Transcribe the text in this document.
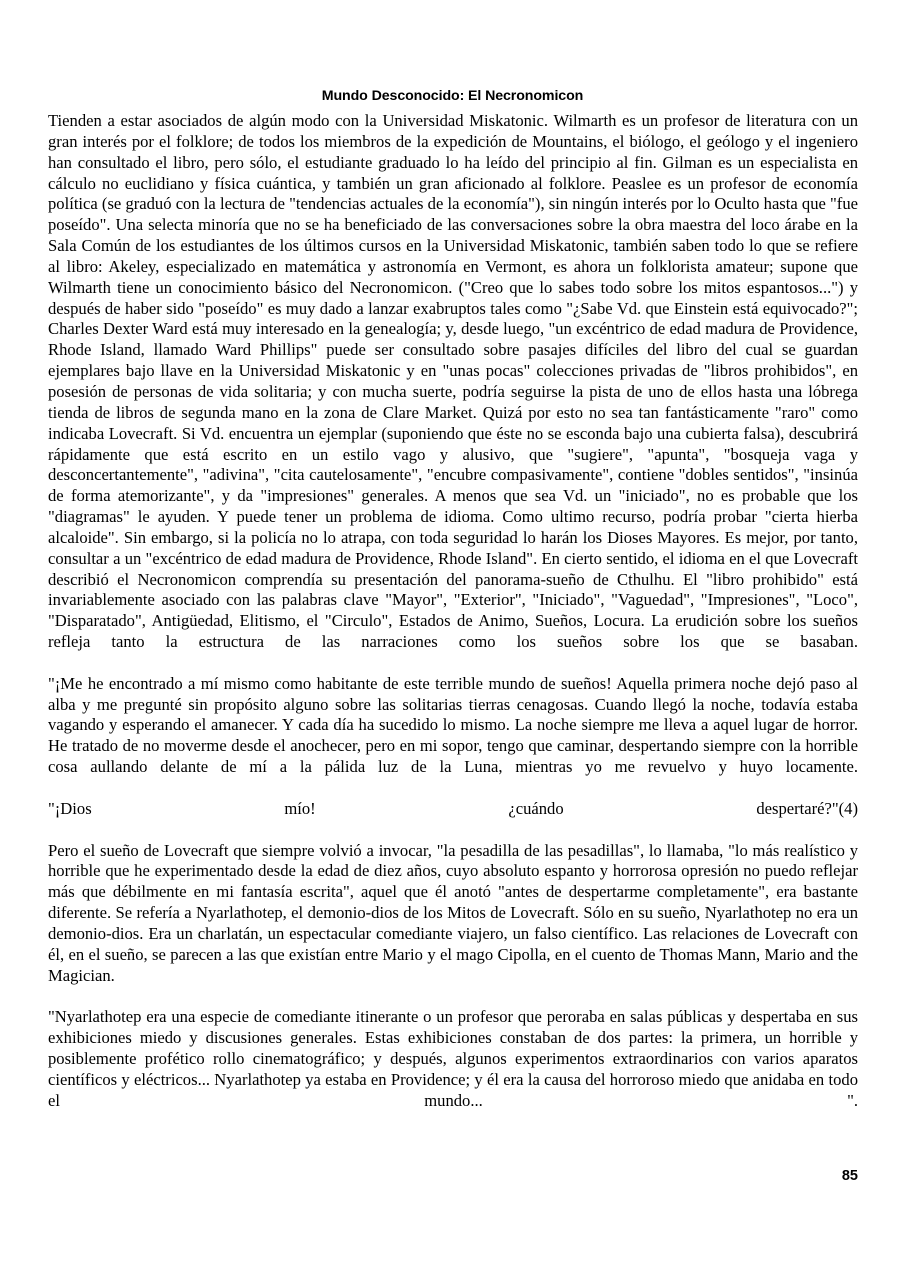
Mundo Desconocido: El Necronomicon

Tienden a estar asociados de algún modo con la Universidad Miskatonic. Wilmarth es un profesor de literatura con un gran interés por el folklore; de todos los miembros de la expedición de Mountains, el biólogo, el geólogo y el ingeniero han consultado el libro, pero sólo, el estudiante graduado lo ha leído del principio al fin. Gilman es un especialista en cálculo no euclidiano y física cuántica, y también un gran aficionado al folklore. Peaslee es un profesor de economía política (se graduó con la lectura de "tendencias actuales de la economía"), sin ningún interés por lo Oculto hasta que "fue poseído". Una selecta minoría que no se ha beneficiado de las conversaciones sobre la obra maestra del loco árabe en la Sala Común de los estudiantes de los últimos cursos en la Universidad Miskatonic, también saben todo lo que se refiere al libro: Akeley, especializado en matemática y astronomía en Vermont, es ahora un folklorista amateur; supone que Wilmarth tiene un conocimiento básico del Necronomicon. ("Creo que lo sabes todo sobre los mitos espantosos...") y después de haber sido "poseído" es muy dado a lanzar exabruptos tales como "¿Sabe Vd. que Einstein está equivocado?"; Charles Dexter Ward está muy interesado en la genealogía; y, desde luego, "un excéntrico de edad madura de Providence, Rhode Island, llamado Ward Phillips" puede ser consultado sobre pasajes difíciles del libro del cual se guardan ejemplares bajo llave en la Universidad Miskatonic y en "unas pocas" colecciones privadas de "libros prohibidos", en posesión de personas de vida solitaria; y con mucha suerte, podría seguirse la pista de uno de ellos hasta una lóbrega tienda de libros de segunda mano en la zona de Clare Market. Quizá por esto no sea tan fantásticamente "raro" como indicaba Lovecraft. Si Vd. encuentra un ejemplar (suponiendo que éste no se esconda bajo una cubierta falsa), descubrirá rápidamente que está escrito en un estilo vago y alusivo, que "sugiere", "apunta", "bosqueja vaga y desconcertantemente", "adivina", "cita cautelosamente", "encubre compasivamente", contiene "dobles sentidos", "insinúa de forma atemorizante", y da "impresiones" generales. A menos que sea Vd. un "iniciado", no es probable que los "diagramas" le ayuden. Y puede tener un problema de idioma. Como ultimo recurso, podría probar "cierta hierba alcaloide". Sin embargo, si la policía no lo atrapa, con toda seguridad lo harán los Dioses Mayores. Es mejor, por tanto, consultar a un "excéntrico de edad madura de Providence, Rhode Island". En cierto sentido, el idioma en el que Lovecraft describió el Necronomicon comprendía su presentación del panorama-sueño de Cthulhu. El "libro prohibido" está invariablemente asociado con las palabras clave "Mayor", "Exterior", "Iniciado", "Vaguedad", "Impresiones", "Loco", "Disparatado", Antigüedad, Elitismo, el "Circulo", Estados de Animo, Sueños, Locura. La erudición sobre los sueños refleja tanto la estructura de las narraciones como los sueños sobre los que se basaban.

"¡Me he encontrado a mí mismo como habitante de este terrible mundo de sueños! Aquella primera noche dejó paso al alba y me pregunté sin propósito alguno sobre las solitarias tierras cenagosas. Cuando llegó la noche, todavía estaba vagando y esperando el amanecer. Y cada día ha sucedido lo mismo. La noche siempre me lleva a aquel lugar de horror. He tratado de no moverme desde el anochecer, pero en mi sopor, tengo que caminar, despertando siempre con la horrible cosa aullando delante de mí a la pálida luz de la Luna, mientras yo me revuelvo y huyo locamente.

"¡Dios mío! ¿cuándo despertaré?"(4)

Pero el sueño de Lovecraft que siempre volvió a invocar, "la pesadilla de las pesadillas", lo llamaba, "lo más realístico y horrible que he experimentado desde la edad de diez años, cuyo absoluto espanto y horrorosa opresión no puedo reflejar más que débilmente en mi fantasía escrita", aquel que él anotó "antes de despertarme completamente", era bastante diferente. Se refería a Nyarlathotep, el demonio-dios de los Mitos de Lovecraft. Sólo en su sueño, Nyarlathotep no era un demonio-dios. Era un charlatán, un espectacular comediante viajero, un falso científico. Las relaciones de Lovecraft con él, en el sueño, se parecen a las que existían entre Mario y el mago Cipolla, en el cuento de Thomas Mann, Mario and the Magician.

"Nyarlathotep era una especie de comediante itinerante o un profesor que peroraba en salas públicas y despertaba en sus exhibiciones miedo y discusiones generales. Estas exhibiciones constaban de dos partes: la primera, un horrible y posiblemente profético rollo cinematográfico; y después, algunos experimentos extraordinarios con varios aparatos científicos y eléctricos... Nyarlathotep ya estaba en Providence; y él era la causa del horroroso miedo que anidaba en todo el mundo... ".

85
